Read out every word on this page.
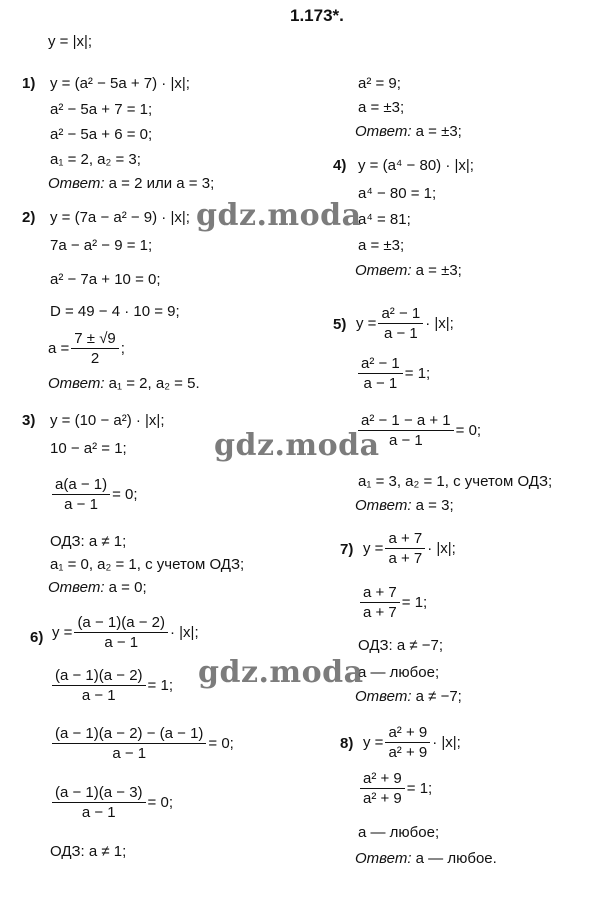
1.173*.
y = |x|;
1) y = (a² − 5a + 7) · |x|;
a² − 5a + 7 = 1;
a² − 5a + 6 = 0;
a₁ = 2, a₂ = 3;
Ответ: a = 2 или a = 3;
2) y = (7a − a² − 9) · |x|;
7a − a² − 9 = 1;
a² − 7a + 10 = 0;
D = 49 − 4 · 10 = 9;
$a = \frac{7 \pm √9}{2}$ ;
Ответ: a₁ = 2, a₂ = 5.
3) y = (10 − a²) · |x|;
10 − a² = 1;
$\frac{a(a - 1)}{a - 1} = 0$;
ОДЗ: a ≠ 1;
a₁ = 0, a₂ = 1, с учетом ОДЗ;
Ответ: a = 0;
6) $y = \frac{(a - 1)(a - 2)}{a - 1} \cdot |x|$;
$\frac{(a - 1)(a - 2)}{a - 1} = 1$;
$\frac{(a - 1)(a - 2) - (a - 1)}{a - 1} = 0$;
$\frac{(a - 1)(a - 3)}{a - 1} = 0$;
ОДЗ: a ≠ 1;
a² = 9;
a = ±3;
Ответ: a = ±3;
4) y = (a⁴ − 80) · |x|;
a⁴ − 80 = 1;
a⁴ = 81;
a = ±3;
Ответ: a = ±3;
5) $y = \frac{\text{a² − 1}}{a - 1} \cdot |x|$;
$\frac{\text{a² − 1}}{a - 1} = 1$;
$\frac{\text{a² − 1 − a + 1}}{a - 1} = 0$;
a₁ = 3, a₂ = 1, с учетом ОДЗ;
Ответ: a = 3;
7) $y = \frac{a + 7}{a + 7} \cdot |x|$;
$\frac{a + 7}{a + 7} = 1$;
ОДЗ: a ≠ −7;
a — любое;
Ответ: a ≠ −7;
8) $y = \frac{\text{a² + 9}}{\text{a² + 9}} \cdot |x|$;
$\frac{\text{a² + 9}}{\text{a² + 9}} = 1$;
a — любое;
Ответ: a — любое.
gdz.moda
gdz.moda
gdz.moda
